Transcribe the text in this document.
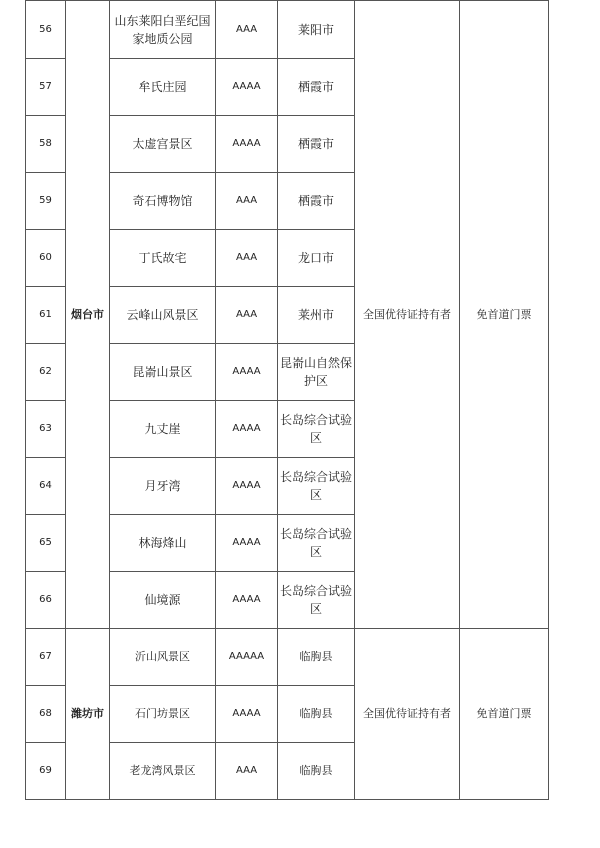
56	烟台市	山东莱阳白垩纪国家地质公园	AAA	莱阳市	全国优待证持有者	免首道门票
57		牟氏庄园	AAAA	栖霞市		
58		太虚宫景区	AAAA	栖霞市		
59		奇石博物馆	AAA	栖霞市		
60		丁氏故宅	AAA	龙口市		
61		云峰山风景区	AAA	莱州市		
62		昆嵛山景区	AAAA	昆嵛山自然保护区		
63		九丈崖	AAAA	长岛综合试验区		
64		月牙湾	AAAA	长岛综合试验区		
65		林海烽山	AAAA	长岛综合试验区		
66		仙境源	AAAA	长岛综合试验区		
67	潍坊市	沂山风景区	AAAAA	临朐县	全国优待证持有者	免首道门票
68		石门坊景区	AAAA	临朐县		
69		老龙湾风景区	AAA	临朐县		
